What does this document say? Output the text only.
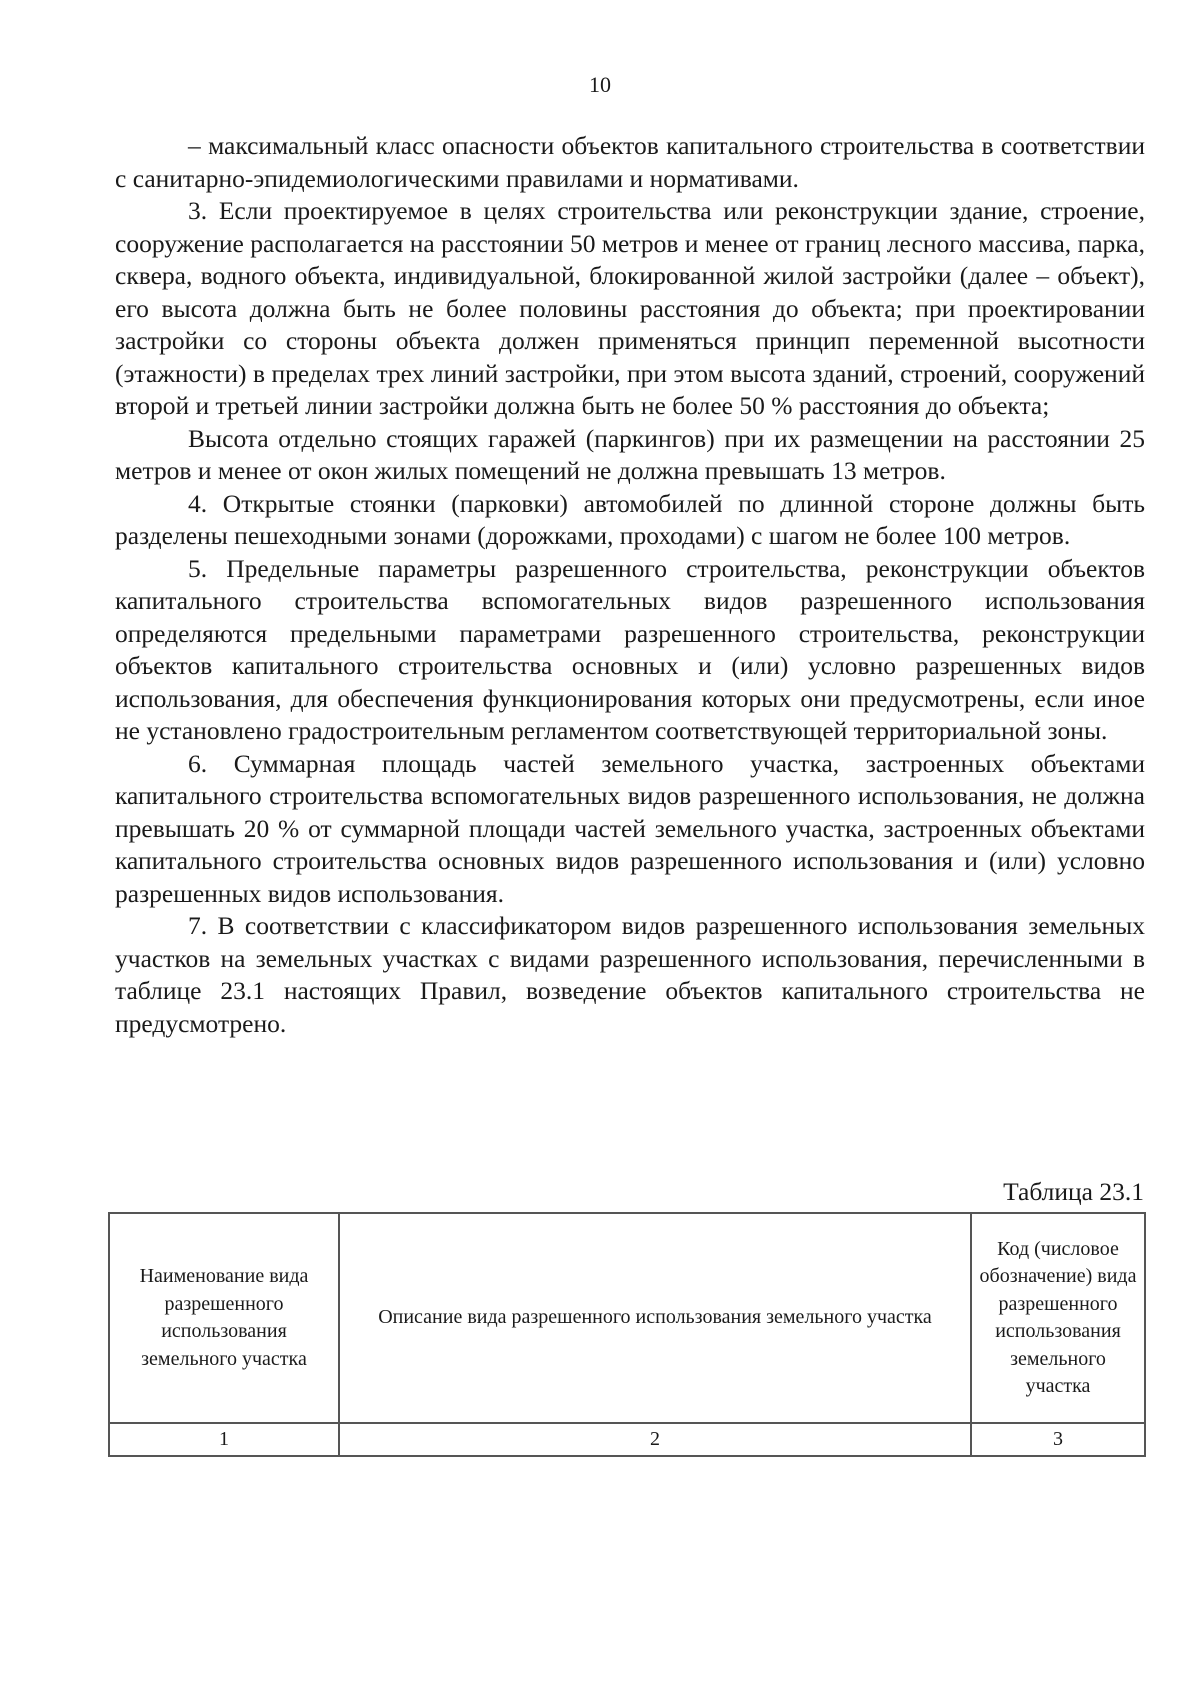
10

– максимальный класс опасности объектов капитального строительства в соответствии с санитарно-эпидемиологическими правилами и нормативами.

3. Если проектируемое в целях строительства или реконструкции здание, строение, сооружение располагается на расстоянии 50 метров и менее от границ лесного массива, парка, сквера, водного объекта, индивидуальной, блокированной жилой застройки (далее – объект), его высота должна быть не более половины расстояния до объекта; при проектировании застройки со стороны объекта должен применяться принцип переменной высотности (этажности) в пределах трех линий застройки, при этом высота зданий, строений, сооружений второй и третьей линии застройки должна быть не более 50 % расстояния до объекта;

Высота отдельно стоящих гаражей (паркингов) при их размещении на расстоянии 25 метров и менее от окон жилых помещений не должна превышать 13 метров.

4. Открытые стоянки (парковки) автомобилей по длинной стороне должны быть разделены пешеходными зонами (дорожками, проходами) с шагом не более 100 метров.

5. Предельные параметры разрешенного строительства, реконструкции объектов капитального строительства вспомогательных видов разрешенного использования определяются предельными параметрами разрешенного строительства, реконструкции объектов капитального строительства основных и (или) условно разрешенных видов использования, для обеспечения функционирования которых они предусмотрены, если иное не установлено градостроительным регламентом соответствующей территориальной зоны.

6. Суммарная площадь частей земельного участка, застроенных объектами капитального строительства вспомогательных видов разрешенного использования, не должна превышать 20 % от суммарной площади частей земельного участка, застроенных объектами капитального строительства основных видов разрешенного использования и (или) условно разрешенных видов использования.

7. В соответствии с классификатором видов разрешенного использования земельных участков на земельных участках с видами разрешенного использования, перечисленными в таблице 23.1 настоящих Правил, возведение объектов капитального строительства не предусмотрено.

Таблица 23.1
Наименование вида разрешенного использования земельного участка	Описание вида разрешенного использования земельного участка	Код (числовое обозначение) вида разрешенного использования земельного участка
1	2	3
